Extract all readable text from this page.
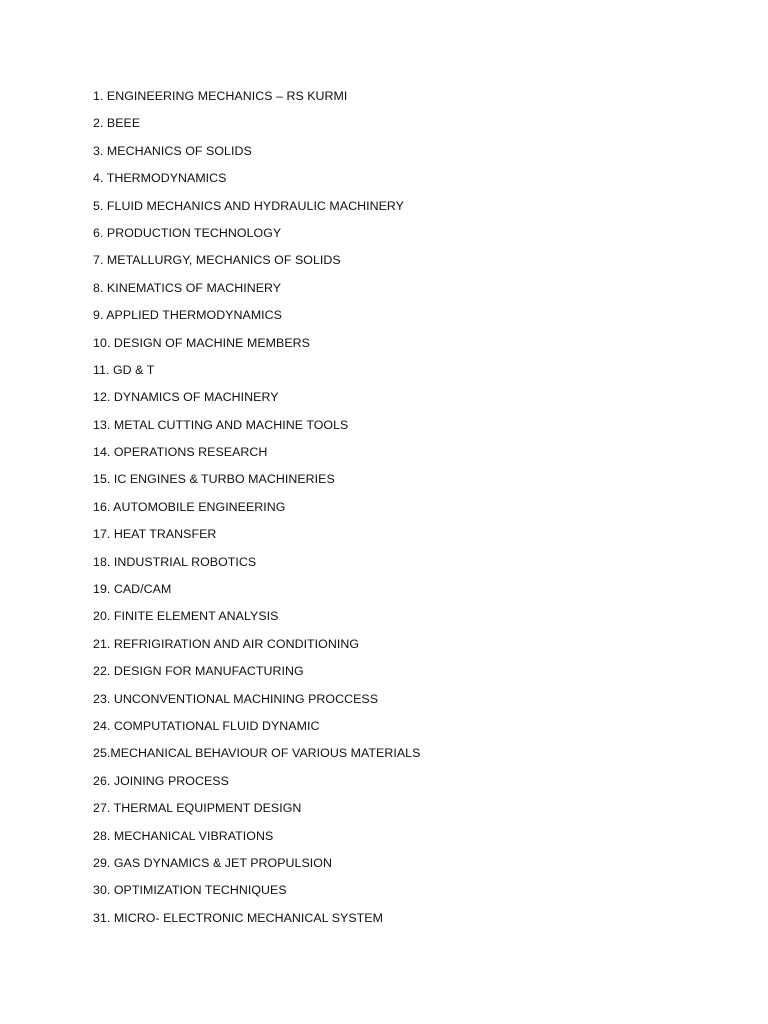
1. ENGINEERING MECHANICS – RS KURMI
2. BEEE
3. MECHANICS OF SOLIDS
4. THERMODYNAMICS
5. FLUID MECHANICS AND HYDRAULIC MACHINERY
6. PRODUCTION TECHNOLOGY
7. METALLURGY, MECHANICS OF SOLIDS
8. KINEMATICS OF MACHINERY
9. APPLIED THERMODYNAMICS
10. DESIGN OF MACHINE MEMBERS
11. GD & T
12. DYNAMICS OF MACHINERY
13. METAL CUTTING AND MACHINE TOOLS
14. OPERATIONS RESEARCH
15. IC ENGINES & TURBO MACHINERIES
16. AUTOMOBILE ENGINEERING
17. HEAT TRANSFER
18. INDUSTRIAL ROBOTICS
19. CAD/CAM
20. FINITE ELEMENT ANALYSIS
21. REFRIGIRATION AND AIR CONDITIONING
22. DESIGN FOR MANUFACTURING
23. UNCONVENTIONAL MACHINING PROCCESS
24. COMPUTATIONAL FLUID DYNAMIC
25.MECHANICAL BEHAVIOUR OF VARIOUS MATERIALS
26. JOINING PROCESS
27. THERMAL EQUIPMENT DESIGN
28. MECHANICAL VIBRATIONS
29. GAS DYNAMICS & JET PROPULSION
30. OPTIMIZATION TECHNIQUES
31. MICRO- ELECTRONIC MECHANICAL SYSTEM
